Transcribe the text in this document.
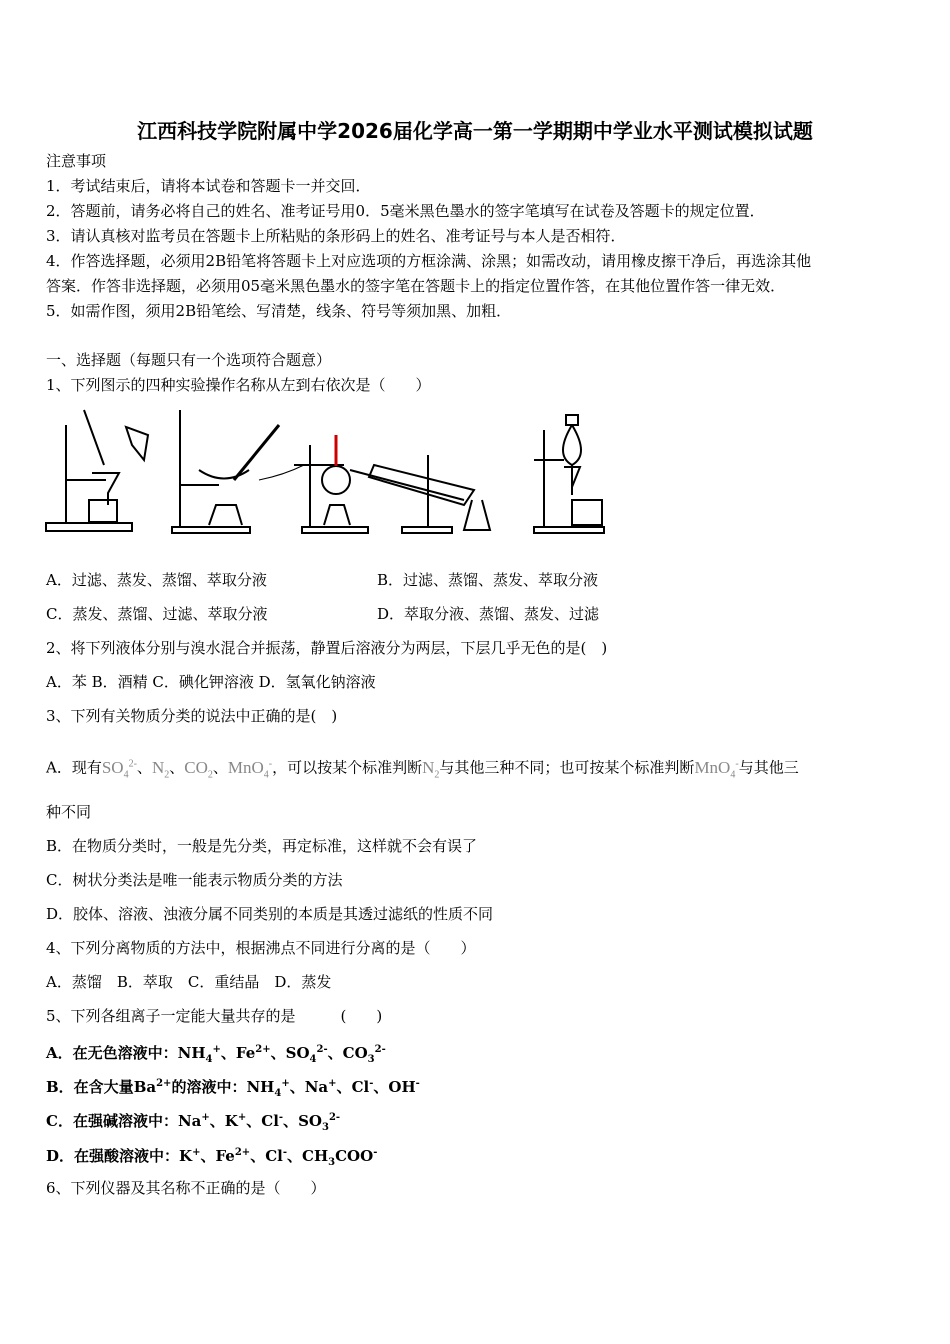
江西科技学院附属中学2026届化学高一第一学期期中学业水平测试模拟试题
注意事项
1．考试结束后，请将本试卷和答题卡一并交回．
2．答题前，请务必将自己的姓名、准考证号用0．5毫米黑色墨水的签字笔填写在试卷及答题卡的规定位置．
3．请认真核对监考员在答题卡上所粘贴的条形码上的姓名、准考证号与本人是否相符．
4．作答选择题，必须用2B铅笔将答题卡上对应选项的方框涂满、涂黑；如需改动，请用橡皮擦干净后，再选涂其他
答案．作答非选择题，必须用05毫米黑色墨水的签字笔在答题卡上的指定位置作答，在其他位置作答一律无效．
5．如需作图，须用2B铅笔绘、写清楚，线条、符号等须加黑、加粗．
一、选择题（每题只有一个选项符合题意）
1、下列图示的四种实验操作名称从左到右依次是（　　）
A．过滤、蒸发、蒸馏、萃取分液	B．过滤、蒸馏、蒸发、萃取分液
C．蒸发、蒸馏、过滤、萃取分液	D．萃取分液、蒸馏、蒸发、过滤
2、将下列液体分别与溴水混合并振荡，静置后溶液分为两层，下层几乎无色的是(　)
A．苯 B．酒精 C．碘化钾溶液 D．氢氧化钠溶液
3、下列有关物质分类的说法中正确的是(　)
A．现有$SO_4^{2-}$、$N_2$、$CO_2$、MnO$_4$-，可以按某个标准判断$N_2$与其他三种不同；也可按某个标准判断MnO$_4$-与其他三
种不同
B．在物质分类时，一般是先分类，再定标准，这样就不会有误了
C．树状分类法是唯一能表示物质分类的方法
D．胶体、溶液、浊液分属不同类别的本质是其透过滤纸的性质不同
4、下列分离物质的方法中，根据沸点不同进行分离的是（　　）
A．蒸馏　B．萃取　C．重结晶　D．蒸发
5、下列各组离子一定能大量共存的是　　　(　　)
A．在无色溶液中：$NH_4^+$、$Fe^{2+}$、$SO_4^{2-}$、$CO_3^{2-}$
B．在含大量$Ba^{2+}$的溶液中：$NH_4^+$、Na+、Cl-、OH-
C．在强碱溶液中：Na+、K+、Cl-、$SO_3^{2-}$
D．在强酸溶液中：K+、$Fe^{2+}$、Cl-、$CH_3COO^-$
6、下列仪器及其名称不正确的是（　　）
